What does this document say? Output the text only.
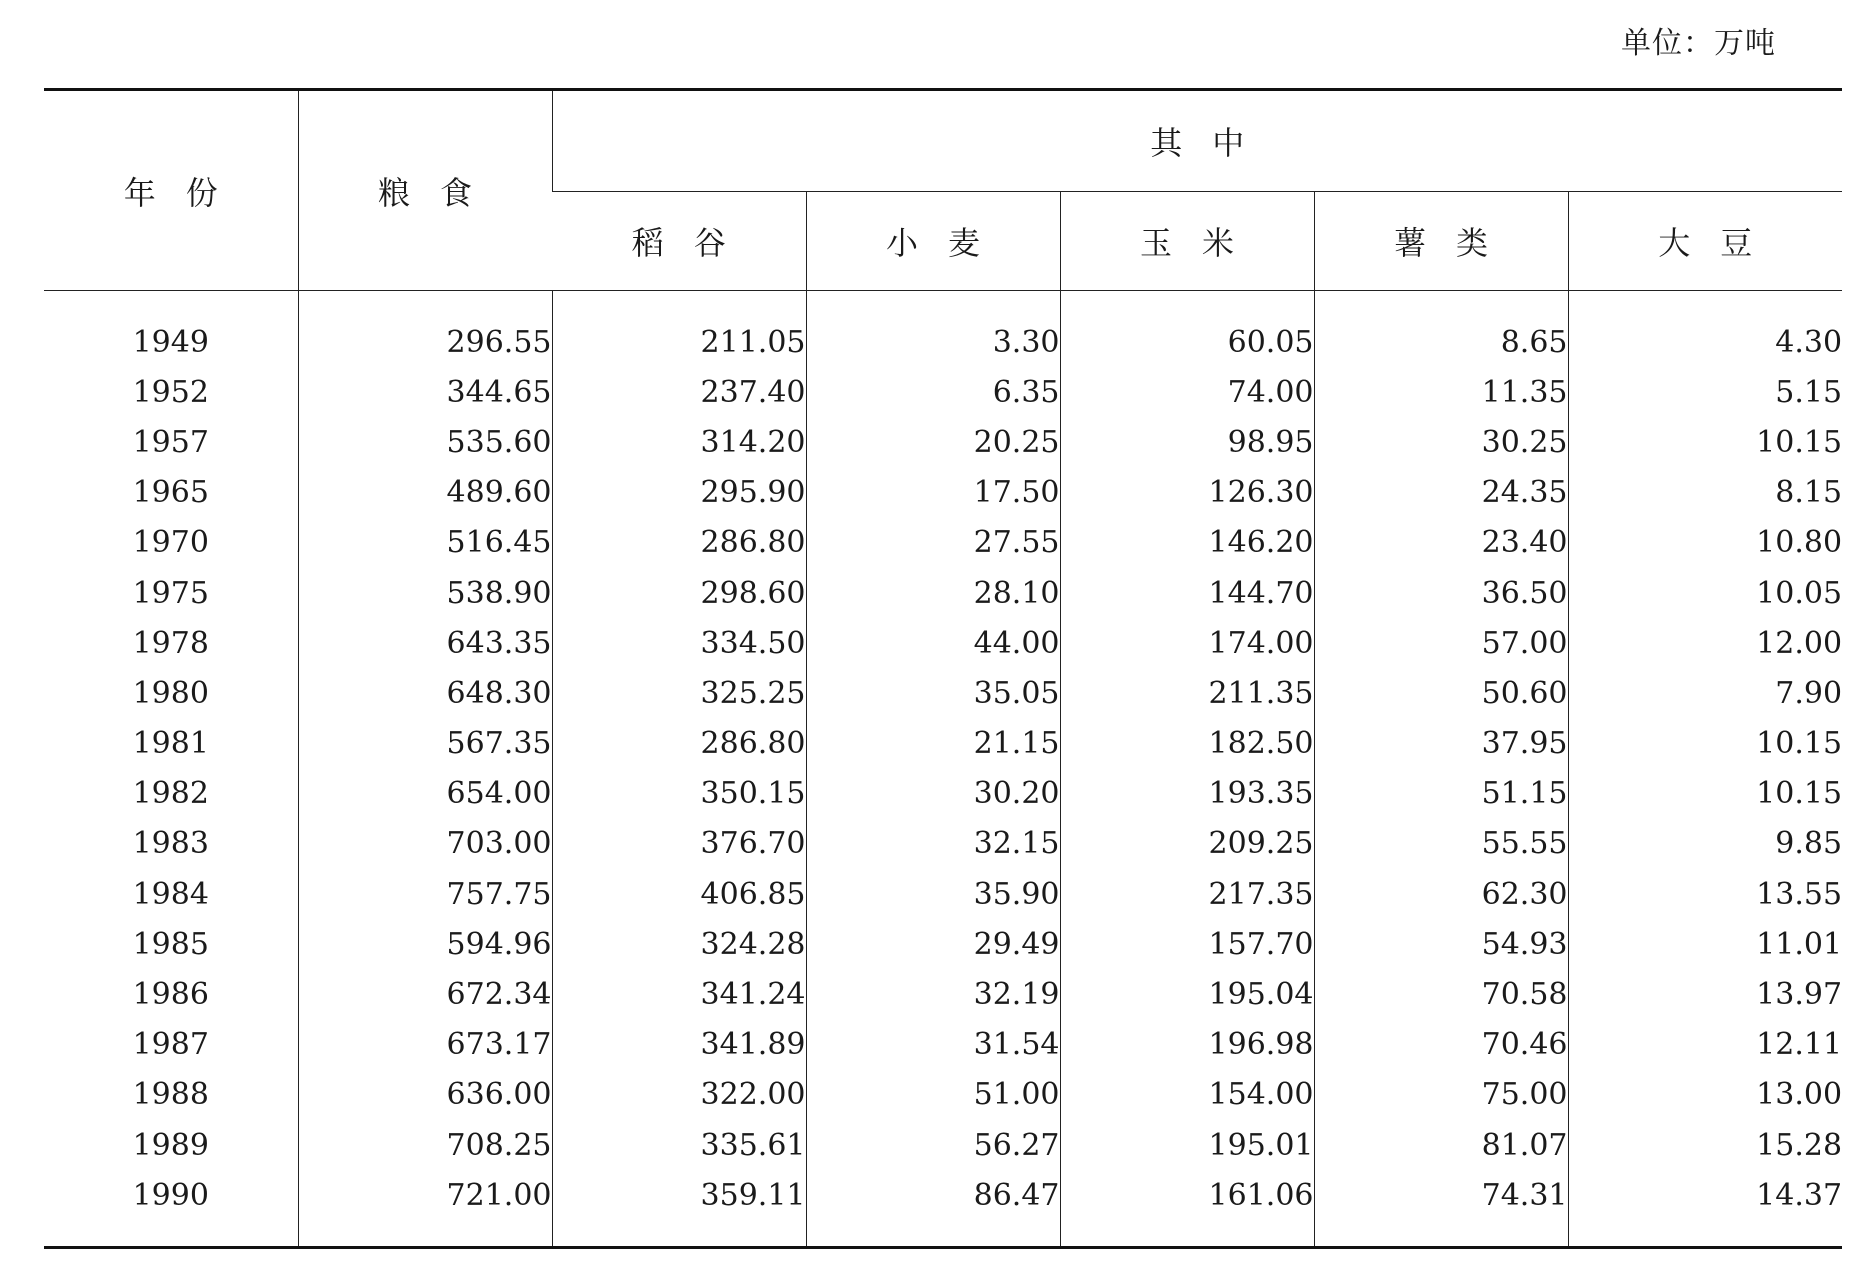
单位：万吨
年份	粮食	其中				
		稻谷	小麦	玉米	薯类	大豆
1949	296.55	211.05	3.30	60.05	8.65	4.30
1952	344.65	237.40	6.35	74.00	11.35	5.15
1957	535.60	314.20	20.25	98.95	30.25	10.15
1965	489.60	295.90	17.50	126.30	24.35	8.15
1970	516.45	286.80	27.55	146.20	23.40	10.80
1975	538.90	298.60	28.10	144.70	36.50	10.05
1978	643.35	334.50	44.00	174.00	57.00	12.00
1980	648.30	325.25	35.05	211.35	50.60	7.90
1981	567.35	286.80	21.15	182.50	37.95	10.15
1982	654.00	350.15	30.20	193.35	51.15	10.15
1983	703.00	376.70	32.15	209.25	55.55	9.85
1984	757.75	406.85	35.90	217.35	62.30	13.55
1985	594.96	324.28	29.49	157.70	54.93	11.01
1986	672.34	341.24	32.19	195.04	70.58	13.97
1987	673.17	341.89	31.54	196.98	70.46	12.11
1988	636.00	322.00	51.00	154.00	75.00	13.00
1989	708.25	335.61	56.27	195.01	81.07	15.28
1990	721.00	359.11	86.47	161.06	74.31	14.37
